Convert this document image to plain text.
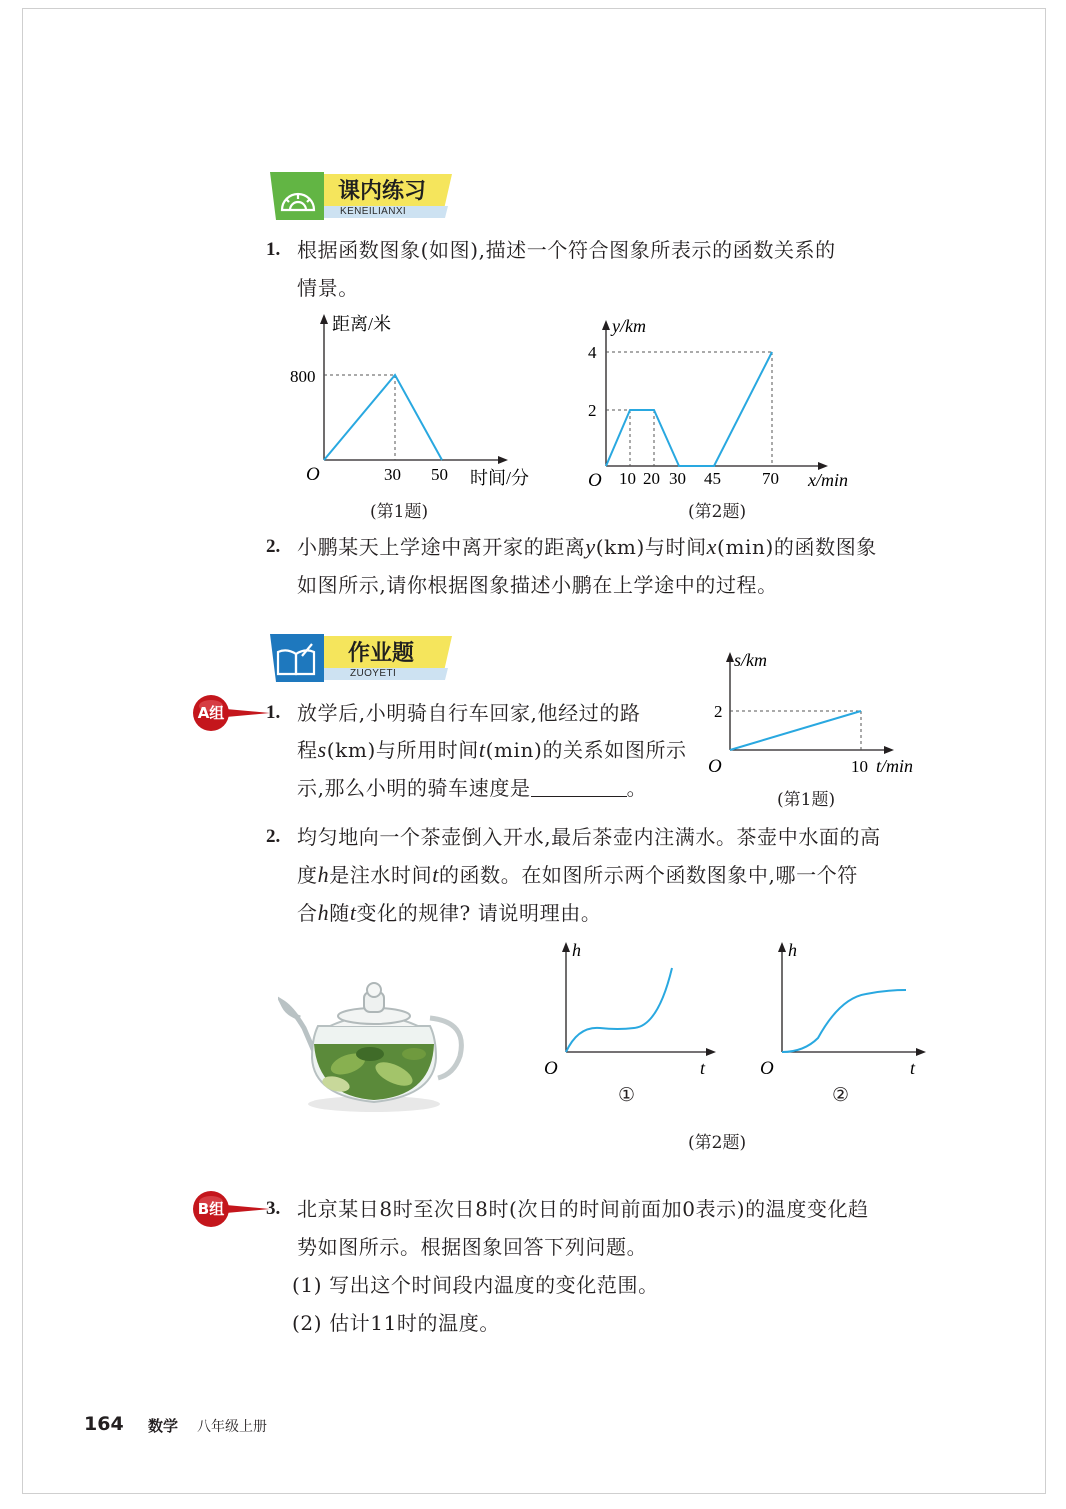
课内练习
KENEILIANXI
1. 根据函数图象(如图),描述一个符合图象所表示的函数关系的
情景。
距离/米
800
O	30 50 时间/分
(第1题)
y/km
4
2
O 10 20 30 45 70 x/min
(第2题)
2. 小鹏某天上学途中离开家的距离y(km)与时间x(min)的函数图象
如图所示,请你根据图象描述小鹏在上学途中的过程。
作业题
ZUOYETI
A组	1. 放学后,小明骑自行车回家,他经过的路
程s(km)与所用时间t(min)的关系如图所示
示,那么小明的骑车速度是	。
s/km
2
O	10 t/min
(第1题)
2. 均匀地向一个茶壶倒入开水,最后茶壶内注满水。茶壶中水面的高
度h是注水时间t的函数。在如图所示两个函数图象中,哪一个符
合h随t变化的规律? 请说明理由。
h
O	t
①
h
O	t
②
(第2题)
B组	3. 北京某日8时至次日8时(次日的时间前面加0表示)的温度变化趋
势如图所示。根据图象回答下列问题。
(1) 写出这个时间段内温度的变化范围。
(2) 估计11时的温度。
164 数学 八年级上册
